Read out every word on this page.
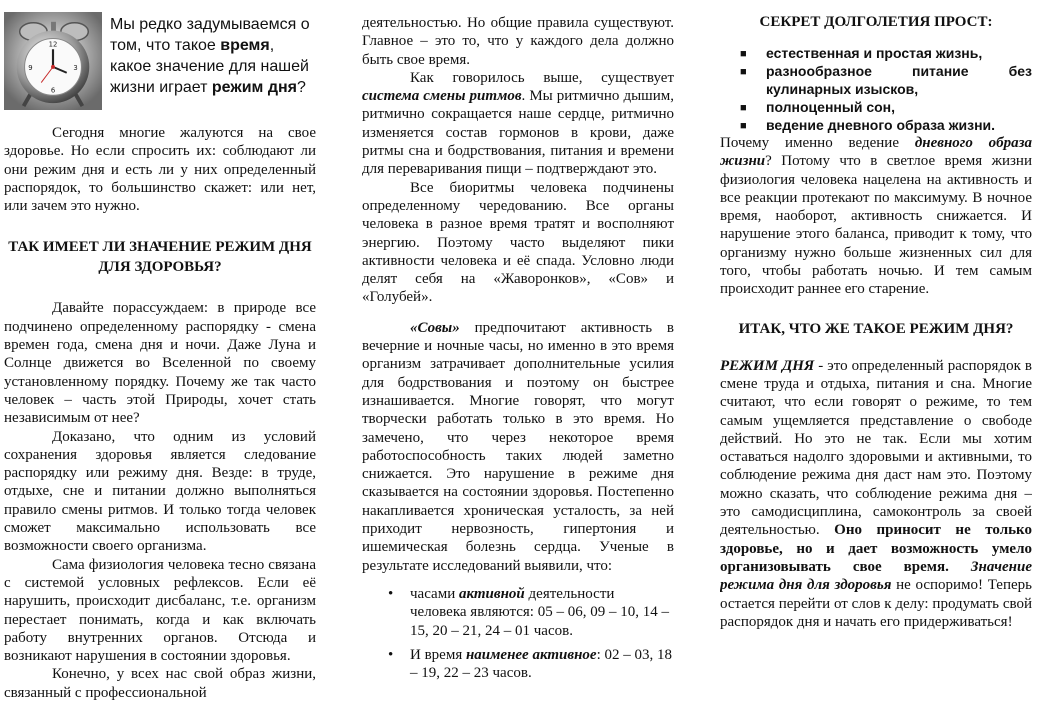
12
3
6
9
Мы редко задумываемся о том, что такое время, какое значение для нашей жизни играет режим дня?

Сегодня многие жалуются на свое здоровье. Но если спросить их: соблюдают ли они режим дня и есть ли у них определенный распорядок, то большинство скажет: или нет, или зачем это нужно.

ТАК ИМЕЕТ ЛИ ЗНАЧЕНИЕ РЕЖИМ ДНЯ ДЛЯ ЗДОРОВЬЯ?

Давайте порассуждаем: в природе все подчинено определенному распорядку - смена времен года, смена дня и ночи. Даже Луна и Солнце движется во Вселенной по своему установленному порядку. Почему же так часто человек – часть этой Природы, хочет стать независимым от нее?

Доказано, что одним из условий сохранения здоровья является следование распорядку или режиму дня. Везде: в труде, отдыхе, сне и питании должно выполняться правило смены ритмов. И только тогда человек сможет максимально использовать все возможности своего организма.

Сама физиология человека тесно связана с системой условных рефлексов. Если её нарушить, происходит дисбаланс, т.е. организм перестает понимать, когда и как включать работу внутренних органов. Отсюда и возникают нарушения в состоянии здоровья.

Конечно, у всех нас свой образ жизни, связанный с профессиональной

деятельностью. Но общие правила существуют. Главное – это то, что у каждого дела должно быть свое время.

Как говорилось выше, существует система смены ритмов. Мы ритмично дышим, ритмично сокращается наше сердце, ритмично изменяется состав гормонов в крови, даже ритмы сна и бодрствования, питания и времени для переваривания пищи – подтверждают это.

Все биоритмы человека подчинены определенному чередованию. Все органы человека в разное время тратят и восполняют энергию. Поэтому часто выделяют пики активности человека и её спада. Условно люди делят себя на «Жаворонков», «Сов» и «Голубей».

«Совы» предпочитают активность в вечерние и ночные часы, но именно в это время организм затрачивает дополнительные усилия для бодрствования и поэтому он быстрее изнашивается. Многие говорят, что могут творчески работать только в это время. Но замечено, что через некоторое время работоспособность таких людей заметно снижается. Это нарушение в режиме дня сказывается на состоянии здоровья. Постепенно накапливается хроническая усталость, за ней приходит нервозность, гипертония и ишемическая болезнь сердца. Ученые в результате исследований выявили, что:

• часами активной деятельности человека являются: 05 – 06, 09 – 10, 14 – 15, 20 – 21, 24 – 01 часов.
• И время наименее активное: 02 – 03, 18 – 19, 22 – 23 часов.
СЕКРЕТ ДОЛГОЛЕТИЯ ПРОСТ:
■ естественная и простая жизнь,
■ разнообразное питание без кулинарных изысков,
■ полноценный сон,
■ ведение дневного образа жизни.

Почему именно ведение дневного образа жизни? Потому что в светлое время жизни физиология человека нацелена на активность и все реакции протекают по максимуму. В ночное время, наоборот, активность снижается. И нарушение этого баланса, приводит к тому, что организму нужно больше жизненных сил для того, чтобы работать ночью. И тем самым происходит раннее его старение.

ИТАК, ЧТО ЖЕ ТАКОЕ РЕЖИМ ДНЯ?

РЕЖИМ ДНЯ - это определенный распорядок в смене труда и отдыха, питания и сна. Многие считают, что если говорят о режиме, то тем самым ущемляется представление о свободе действий. Но это не так. Если мы хотим оставаться надолго здоровыми и активными, то соблюдение режима дня даст нам это. Поэтому можно сказать, что соблюдение режима дня – это самодисциплина, самоконтроль за своей деятельностью. Оно приносит не только здоровье, но и дает возможность умело организовывать свое время. Значение режима дня для здоровья не оспоримо! Теперь остается перейти от слов к делу: продумать свой распорядок дня и начать его придерживаться!
